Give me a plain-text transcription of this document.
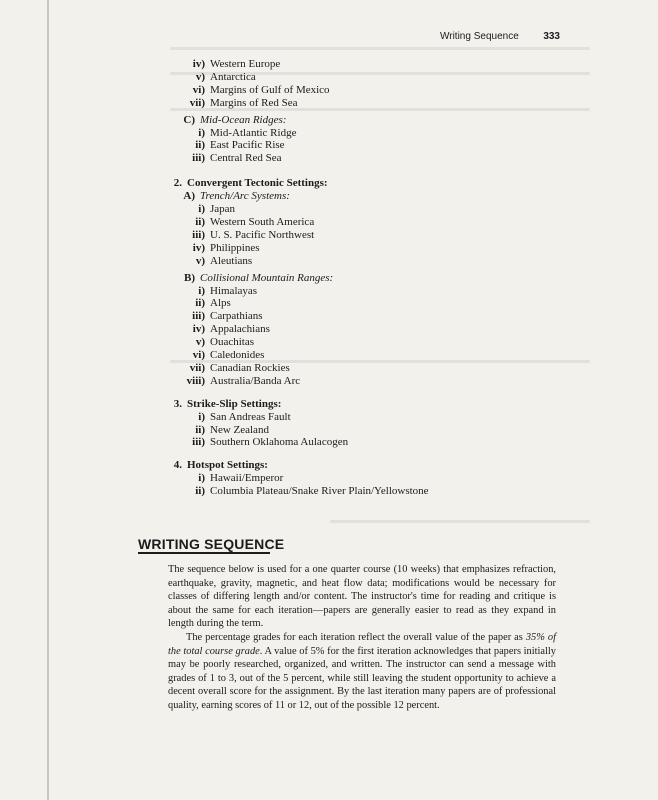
Writing Sequence 333
iv) Western Europe
v) Antarctica
vi) Margins of Gulf of Mexico
vii) Margins of Red Sea
C) Mid-Ocean Ridges:
i) Mid-Atlantic Ridge
ii) East Pacific Rise
iii) Central Red Sea
2. Convergent Tectonic Settings:
A) Trench/Arc Systems:
i) Japan
ii) Western South America
iii) U. S. Pacific Northwest
iv) Philippines
v) Aleutians
B) Collisional Mountain Ranges:
i) Himalayas
ii) Alps
iii) Carpathians
iv) Appalachians
v) Ouachitas
vi) Caledonides
vii) Canadian Rockies
viii) Australia/Banda Arc
3. Strike-Slip Settings:
i) San Andreas Fault
ii) New Zealand
iii) Southern Oklahoma Aulacogen
4. Hotspot Settings:
i) Hawaii/Emperor
ii) Columbia Plateau/Snake River Plain/Yellowstone
WRITING SEQUENCE

The sequence below is used for a one quarter course (10 weeks) that emphasizes refraction, earthquake, gravity, magnetic, and heat flow data; modifications would be necessary for classes of differing length and/or content. The instructor's time for reading and critique is about the same for each iteration—papers are generally easier to read as they expand in length during the term.

The percentage grades for each iteration reflect the overall value of the paper as 35% of the total course grade. A value of 5% for the first iteration acknowledges that papers initially may be poorly researched, organized, and written. The instructor can send a message with grades of 1 to 3, out of the 5 percent, while still leaving the student opportunity to achieve a decent overall score for the assignment. By the last iteration many papers are of professional quality, earning scores of 11 or 12, out of the possible 12 percent.
